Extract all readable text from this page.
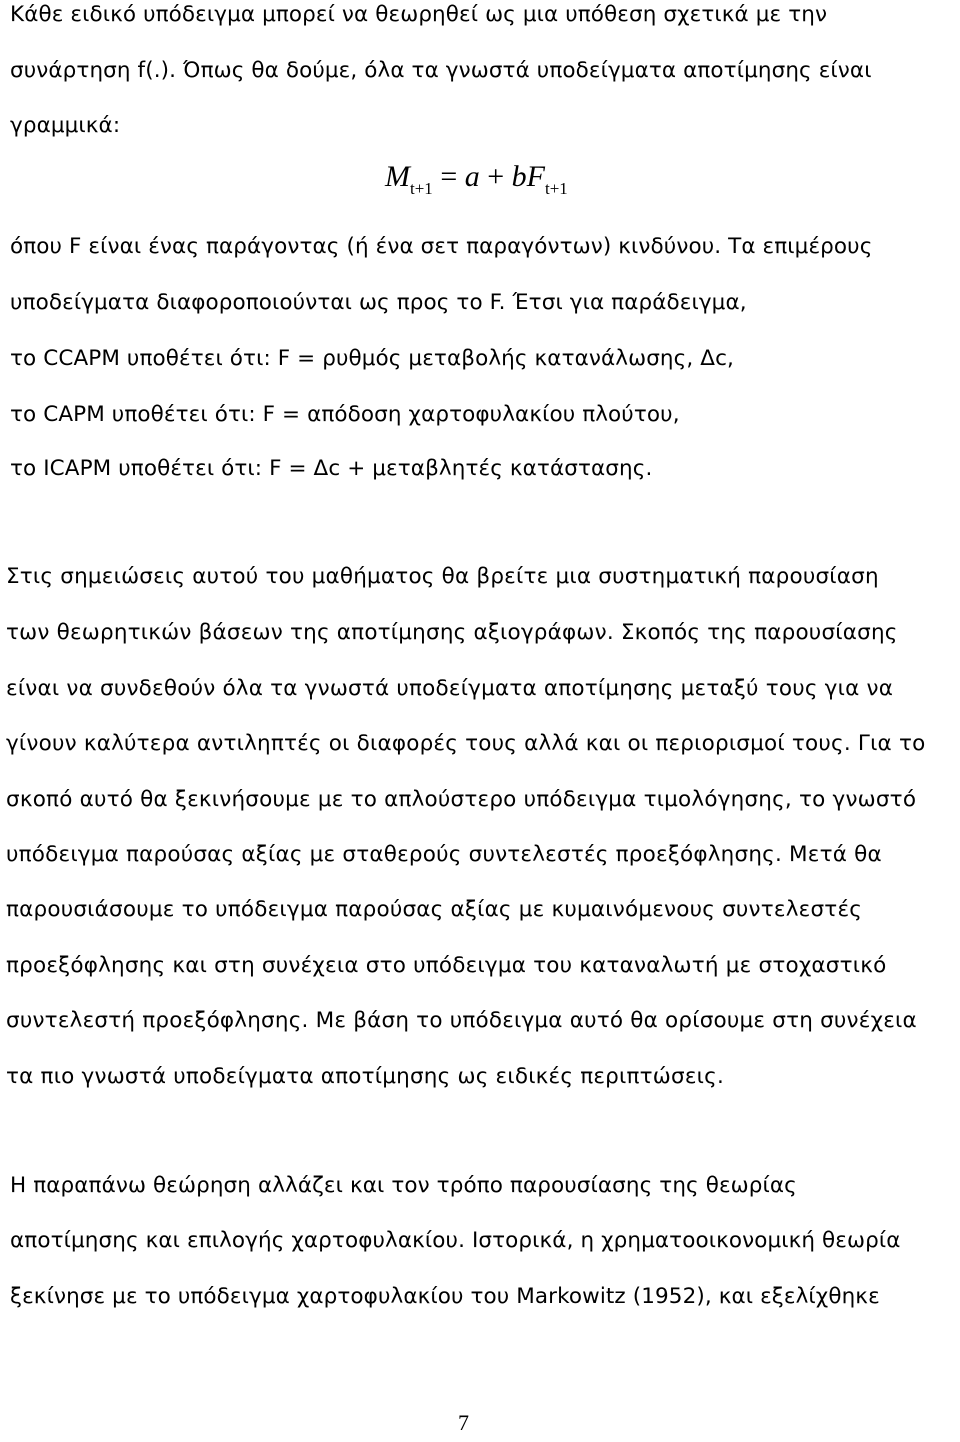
Κάθε ειδικό υπόδειγμα μπορεί να θεωρηθεί ως μια υπόθεση σχετικά με την
συνάρτηση f(.). Όπως θα δούμε, όλα τα γνωστά υποδείγματα αποτίμησης είναι
γραμμικά:
$M_{t+1} = a + bF_{t+1}$
όπου F είναι ένας παράγοντας (ή ένα σετ παραγόντων) κινδύνου. Τα επιμέρους
υποδείγματα διαφοροποιούνται ως προς το F. Έτσι για παράδειγμα,
το CCAPM υποθέτει ότι: F = ρυθμός μεταβολής κατανάλωσης, Δc,
το CAPM υποθέτει ότι: F = απόδοση χαρτοφυλακίου πλούτου,
το ICAPM υποθέτει ότι: F = Δc + μεταβλητές κατάστασης.
Στις σημειώσεις αυτού του μαθήματος θα βρείτε μια συστηματική παρουσίαση
των θεωρητικών βάσεων της αποτίμησης αξιογράφων. Σκοπός της παρουσίασης
είναι να συνδεθούν όλα τα γνωστά υποδείγματα αποτίμησης μεταξύ τους για να
γίνουν καλύτερα αντιληπτές οι διαφορές τους αλλά και οι περιορισμοί τους. Για το
σκοπό αυτό θα ξεκινήσουμε με το απλούστερο υπόδειγμα τιμολόγησης, το γνωστό
υπόδειγμα παρούσας αξίας με σταθερούς συντελεστές προεξόφλησης. Μετά θα
παρουσιάσουμε το υπόδειγμα παρούσας αξίας με κυμαινόμενους συντελεστές
προεξόφλησης και στη συνέχεια στο υπόδειγμα του καταναλωτή με στοχαστικό
συντελεστή προεξόφλησης. Με βάση το υπόδειγμα αυτό θα ορίσουμε στη συνέχεια
τα πιο γνωστά υποδείγματα αποτίμησης ως ειδικές περιπτώσεις.
Η παραπάνω θεώρηση αλλάζει και τον τρόπο παρουσίασης της θεωρίας
αποτίμησης και επιλογής χαρτοφυλακίου. Ιστορικά, η χρηματοοικονομική θεωρία
ξεκίνησε με το υπόδειγμα χαρτοφυλακίου του Markowitz (1952), και εξελίχθηκε
7
